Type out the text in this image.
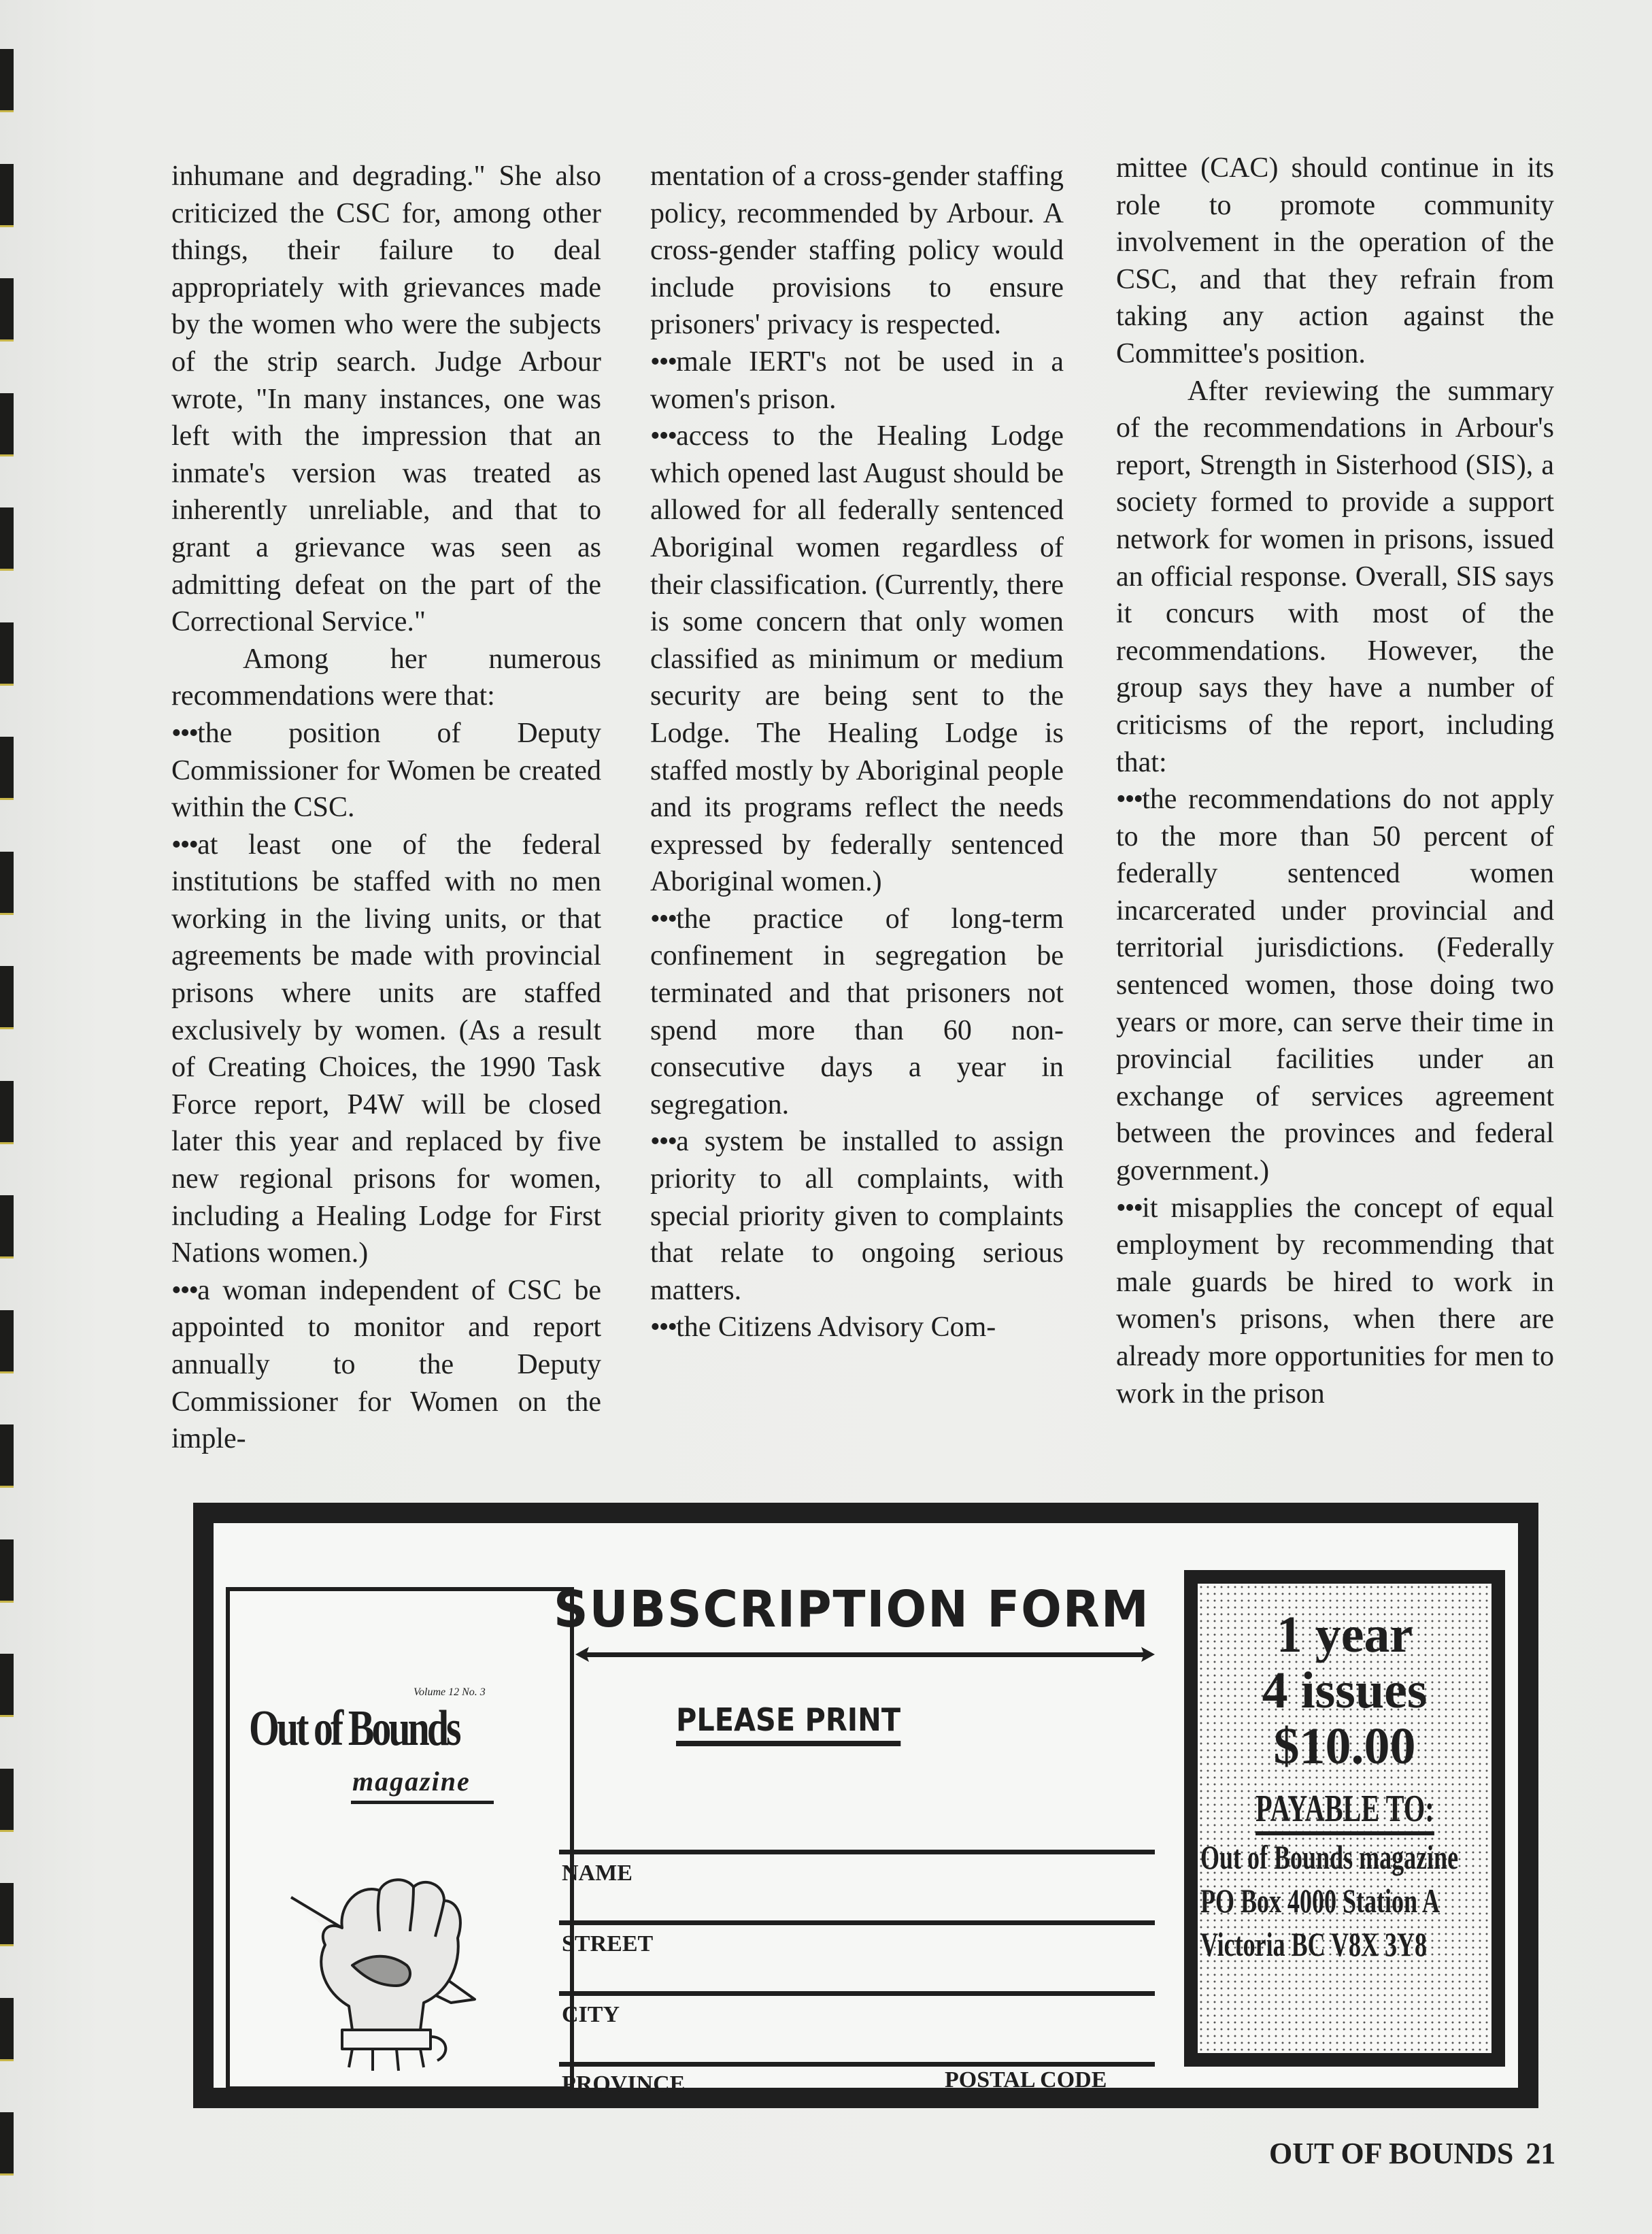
inhumane and degrading." She also criticized the CSC for, among other things, their failure to deal appropriately with grievances made by the women who were the subjects of the strip search. Judge Arbour wrote, "In many instances, one was left with the impression that an inmate's version was treated as inherently unreliable, and that to grant a grievance was seen as admitting defeat on the part of the Correctional Service."

Among her numerous recommendations were that:

••• the position of Deputy Commissioner for Women be created within the CSC.

••• at least one of the federal institutions be staffed with no men working in the living units, or that agreements be made with provincial prisons where units are staffed exclusively by women. (As a result of Creating Choices, the 1990 Task Force report, P4W will be closed later this year and replaced by five new regional prisons for women, including a Healing Lodge for First Nations women.)

••• a woman independent of CSC be appointed to monitor and report annually to the Deputy Commissioner for Women on the imple-

mentation of a cross-gender staffing policy, recommended by Arbour. A cross-gender staffing policy would include provisions to ensure prisoners' privacy is respected.

••• male IERT's not be used in a women's prison.

••• access to the Healing Lodge which opened last August should be allowed for all federally sentenced Aboriginal women regardless of their classification. (Currently, there is some concern that only women classified as minimum or medium security are being sent to the Lodge. The Healing Lodge is staffed mostly by Aboriginal people and its programs reflect the needs expressed by federally sentenced Aboriginal women.)

••• the practice of long-term confinement in segregation be terminated and that prisoners not spend more than 60 non-consecutive days a year in segregation.

••• a system be installed to assign priority to all complaints, with special priority given to complaints that relate to ongoing serious matters.

••• the Citizens Advisory Com-

mittee (CAC) should continue in its role to promote community involvement in the operation of the CSC, and that they refrain from taking any action against the Committee's position.

After reviewing the summary of the recommendations in Arbour's report, Strength in Sisterhood (SIS), a society formed to provide a support network for women in prisons, issued an official response. Overall, SIS says it concurs with most of the recommendations. However, the group says they have a number of criticisms of the report, including that:

••• the recommendations do not apply to the more than 50 percent of federally sentenced women incarcerated under provincial and territorial jurisdictions. (Federally sentenced women, those doing two years or more, can serve their time in provincial facilities under an exchange of services agreement between the provinces and federal government.)

••• it misapplies the concept of equal employment by recommending that male guards be hired to work in women's prisons, when there are already more opportunities for men to work in the prison

Out of Bounds
Volume 12 No. 3
magazine
SUBSCRIPTION FORM
PLEASE PRINT
NAME
STREET
CITY
PROVINCE	POSTAL CODE
1 year
4 issues
$10.00
PAYABLE TO:
Out of Bounds magazine
PO Box 4000 Station A
Victoria BC V8X 3Y8
OUT OF BOUNDS 21
